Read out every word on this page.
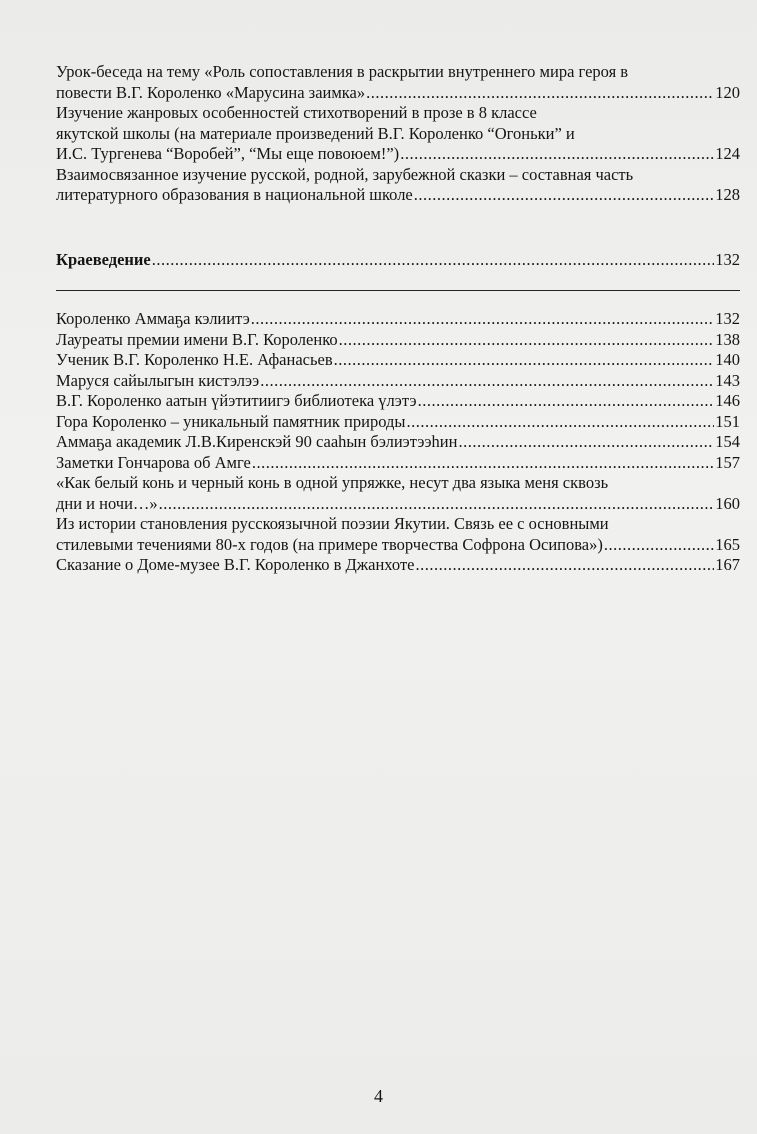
Урок-беседа на тему «Роль сопоставления в раскрытии внутреннего мира героя в
повести В.Г. Короленко «Марусина заимка» .....	120
Изучение жанровых особенностей стихотворений в прозе в 8 классе
якутской школы (на материале произведений В.Г. Короленко “Огоньки” и
И.С. Тургенева “Воробей”, “Мы еще повоюем!”) .....	124
Взаимосвязанное изучение русской, родной, зарубежной сказки – составная часть
литературного образования в национальной школе .....	128
Краеведение .....	132
Короленко Аммаҕа кэлиитэ .....	132
Лауреаты премии имени В.Г. Короленко .....	138
Ученик В.Г. Короленко Н.Е. Афанасьев .....	140
Маруся сайылыгын кистэлээ .....	143
В.Г. Короленко аатын үйэтитиигэ библиотека үлэтэ .....	146
Гора Короленко – уникальный памятник природы .....	151
Аммаҕа академик Л.В.Киренскэй 90 сааһын бэлиэтээһин .....	154
Заметки Гончарова об Амге .....	157
«Как белый конь и черный конь в одной упряжке, несут два языка меня сквозь
дни и ночи…» .....	160
Из истории становления русскоязычной поэзии Якутии. Связь ее с основными
стилевыми течениями 80-х годов (на примере творчества Софрона Осипова») .....	165
Сказание о Доме-музее В.Г. Короленко в Джанхоте .....	167
4
